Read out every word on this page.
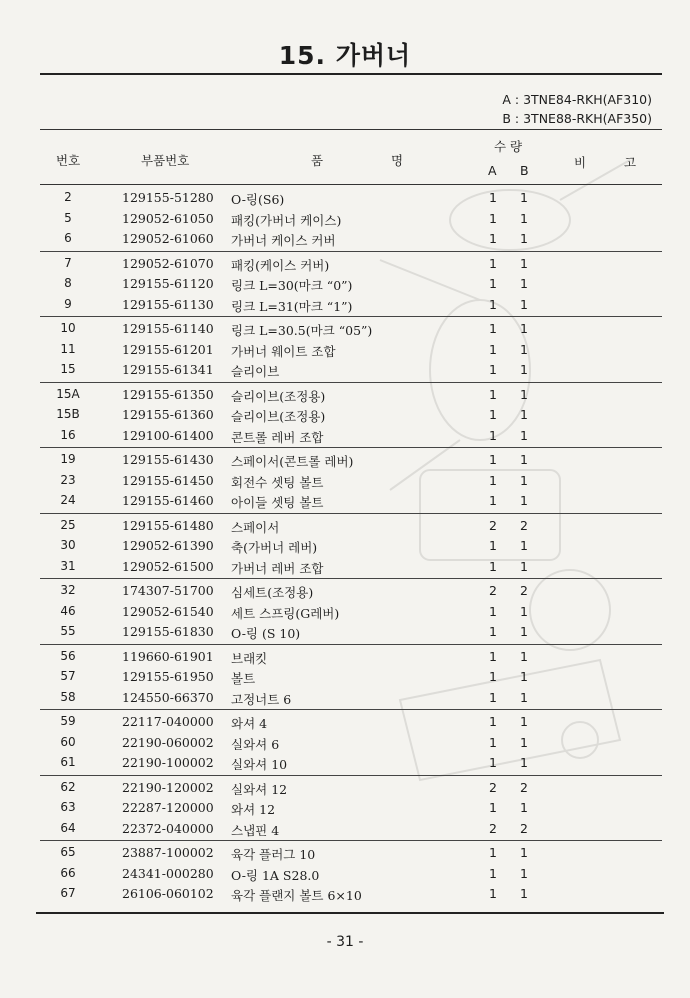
15. 가버너
A : 3TNE84-RKH(AF310)
B : 3TNE88-RKH(AF350)
번호	부품번호	품	명
수 량
A B
비	고
2	129155-51280 O-링(S6)	1	1
5	129052-61050 패킹(가버너 케이스)	1	1
6	129052-61060 가버너 케이스 커버	1	1
7	129052-61070 패킹(케이스 커버)	1	1
8	129155-61120 링크 L=30(마크 “0”)	1	1
9	129155-61130 링크 L=31(마크 “1”)	1	1
10	129155-61140 링크 L=30.5(마크 “05”)	1	1
11	129155-61201 가버너 웨이트 조합	1	1
15	129155-61341 슬리이브	1	1
15A	129155-61350 슬리이브(조정용)	1	1
15B	129155-61360 슬리이브(조정용)	1	1
16	129100-61400 콘트롤 레버 조합	1	1
19	129155-61430 스페이서(콘트롤 레버)	1	1
23	129155-61450 회전수 셋팅 볼트	1	1
24	129155-61460 아이들 셋팅 볼트	1	1
25	129155-61480 스페이서	2	2
30	129052-61390 축(가버너 레버)	1	1
31	129052-61500 가버너 레버 조합	1	1
32	174307-51700 심세트(조정용)	2	2
46	129052-61540 세트 스프링(G레버)	1	1
55	129155-61830 O-링 (S 10)	1	1
56	119660-61901 브래킷	1	1
57	129155-61950 볼트	1	1
58	124550-66370 고정너트 6	1	1
59	22117-040000 와셔 4	1	1
60	22190-060002 실와셔 6	1	1
61	22190-100002 실와셔 10	1	1
62	22190-120002 실와셔 12	2	2
63	22287-120000 와셔 12	1	1
64	22372-040000 스냅핀 4	2	2
65	23887-100002 육각 플러그 10	1	1
66	24341-000280 O-링 1A S28.0	1	1
67	26106-060102 육각 플랜지 볼트 6×10	1	1
- 31 -
